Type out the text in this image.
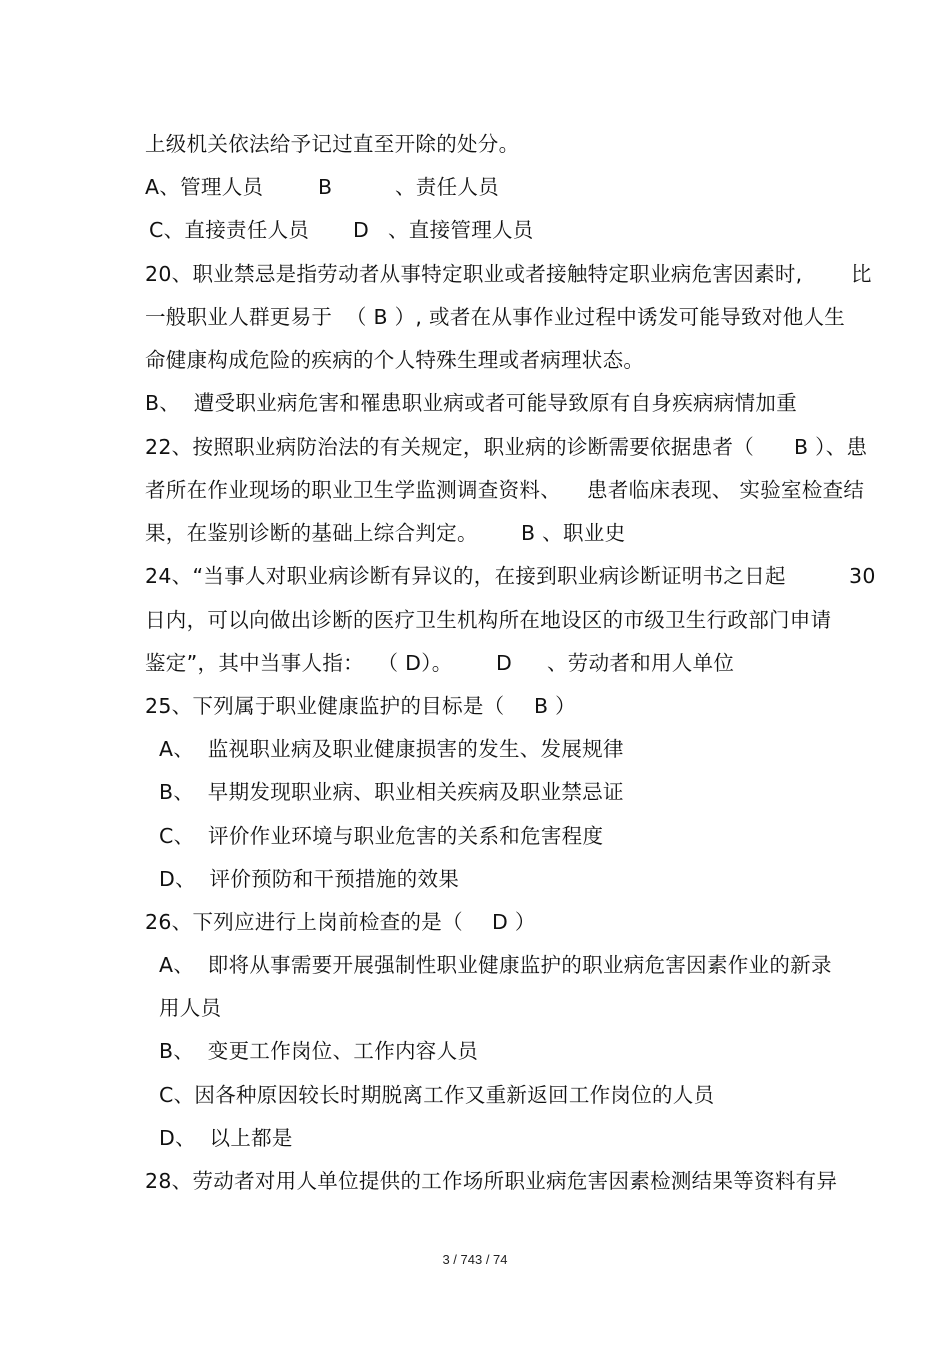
上级机关依法给予记过直至开除的处分。
A、管理人员	B	、责任人员
C、直接责任人员 D 、直接管理人员
20、职业禁忌是指劳动者从事特定职业或者接触特定职业病危害因素时, 比
一般职业人群更易于  （ B ）, 或者在从事作业过程中诱发可能导致对他人生
命健康构成危险的疾病的个人特殊生理或者病理状态。
B、  遭受职业病危害和罹患职业病或者可能导致原有自身疾病病情加重
22、按照职业病防治法的有关规定，职业病的诊断需要依据患者（ B ）、患
者所在作业现场的职业卫生学监测调查资料、 患者临床表现、 实验室检查结
果，在鉴别诊断的基础上综合判定。 B 、职业史
24、“当事人对职业病诊断有异议的，在接到职业病诊断证明书之日起	30
日内，可以向做出诊断的医疗卫生机构所在地设区的市级卫生行政部门申请
鉴定”，其中当事人指：  （ D）。 D 、劳动者和用人单位
25、下列属于职业健康监护的目标是（ B ）
A、  监视职业病及职业健康损害的发生、发展规律
B、  早期发现职业病、职业相关疾病及职业禁忌证
C、  评价作业环境与职业危害的关系和危害程度
D、  评价预防和干预措施的效果
26、下列应进行上岗前检查的是（ D ）
A、  即将从事需要开展强制性职业健康监护的职业病危害因素作业的新录
用人员
B、  变更工作岗位、工作内容人员
C、因各种原因较长时期脱离工作又重新返回工作岗位的人员
D、  以上都是
28、劳动者对用人单位提供的工作场所职业病危害因素检测结果等资料有异
3 / 743 / 74
